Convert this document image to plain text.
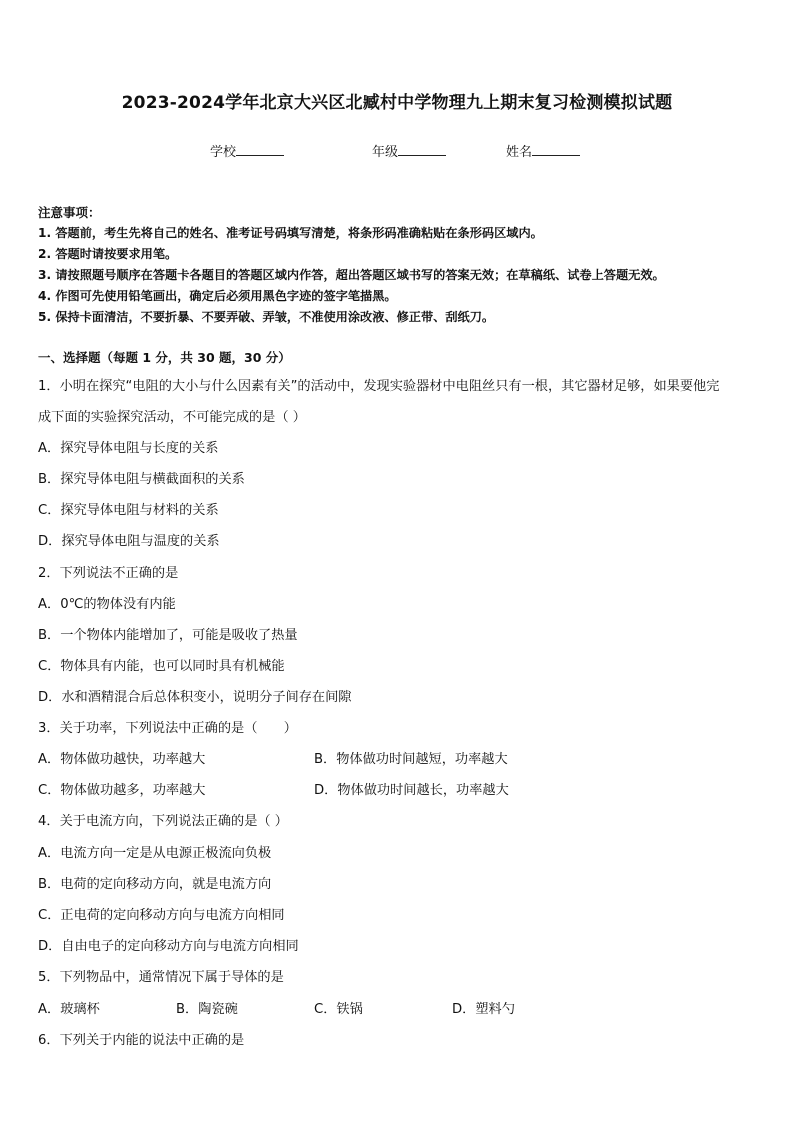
2023-2024学年北京大兴区北臧村中学物理九上期末复习检测模拟试题
学校	年级	姓名
注意事项：
1. 答题前，考生先将自己的姓名、准考证号码填写清楚，将条形码准确粘贴在条形码区域内。
2. 答题时请按要求用笔。
3. 请按照题号顺序在答题卡各题目的答题区域内作答，超出答题区域书写的答案无效；在草稿纸、试卷上答题无效。
4. 作图可先使用铅笔画出，确定后必须用黑色字迹的签字笔描黑。
5. 保持卡面清洁，不要折暴、不要弄破、弄皱，不准使用涂改液、修正带、刮纸刀。
一、选择题（每题 1 分，共 30 题，30 分）
1．小明在探究“电阻的大小与什么因素有关”的活动中，发现实验器材中电阻丝只有一根，其它器材足够，如果要他完
成下面的实验探究活动，不可能完成的是（ ）
A．探究导体电阻与长度的关系
B．探究导体电阻与横截面积的关系
C．探究导体电阻与材料的关系
D．探究导体电阻与温度的关系
2．下列说法不正确的是
A．0℃的物体没有内能
B．一个物体内能增加了，可能是吸收了热量
C．物体具有内能，也可以同时具有机械能
D．水和酒精混合后总体积变小，说明分子间存在间隙
3．关于功率，下列说法中正确的是（　　）
A．物体做功越快，功率越大	B．物体做功时间越短，功率越大
C．物体做功越多，功率越大	D．物体做功时间越长，功率越大
4．关于电流方向，下列说法正确的是（ ）
A．电流方向一定是从电源正极流向负极
B．电荷的定向移动方向，就是电流方向
C．正电荷的定向移动方向与电流方向相同
D．自由电子的定向移动方向与电流方向相同
5．下列物品中，通常情况下属于导体的是
A．玻璃杯	B．陶瓷碗	C．铁锅	D．塑料勺
6．下列关于内能的说法中正确的是
